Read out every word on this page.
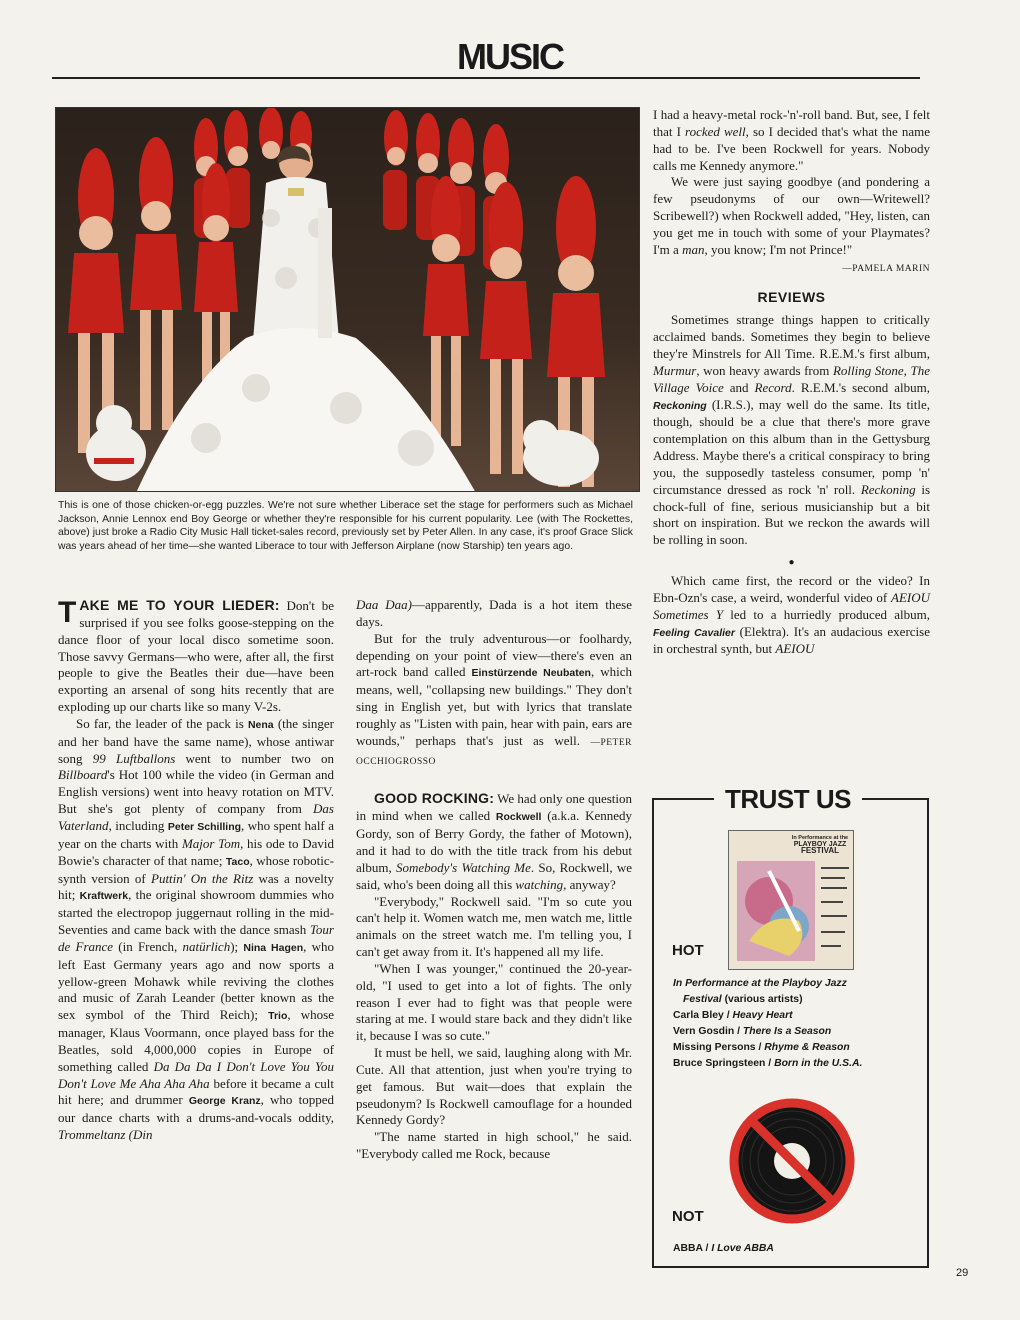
MUSIC

This is one of those chicken-or-egg puzzles. We're not sure whether Liberace set the stage for performers such as Michael Jackson, Annie Lennox end Boy George or whether they're responsible for his current popularity. Lee (with The Rockettes, above) just broke a Radio City Music Hall ticket-sales record, previously set by Peter Allen. In any case, it's proof Grace Slick was years ahead of her time—she wanted Liberace to tour with Jefferson Airplane (now Starship) ten years ago.

TAKE ME TO YOUR LIEDER: Don't be surprised if you see folks goose-stepping on the dance floor of your local disco sometime soon. Those savvy Germans—who were, after all, the first people to give the Beatles their due—have been exporting an arsenal of song hits recently that are exploding up our charts like so many V-2s.

So far, the leader of the pack is Nena (the singer and her band have the same name), whose antiwar song 99 Luftballons went to number two on Billboard's Hot 100 while the video (in German and English versions) went into heavy rotation on MTV. But she's got plenty of company from Das Vaterland, including Peter Schilling, who spent half a year on the charts with Major Tom, his ode to David Bowie's character of that name; Taco, whose robotic-synth version of Puttin' On the Ritz was a novelty hit; Kraftwerk, the original showroom dummies who started the electropop juggernaut rolling in the mid-Seventies and came back with the dance smash Tour de France (in French, natürlich); Nina Hagen, who left East Germany years ago and now sports a yellow-green Mohawk while reviving the clothes and music of Zarah Leander (better known as the sex symbol of the Third Reich); Trio, whose manager, Klaus Voormann, once played bass for the Beatles, sold 4,000,000 copies in Europe of something called Da Da Da I Don't Love You You Don't Love Me Aha Aha Aha before it became a cult hit here; and drummer George Kranz, who topped our dance charts with a drums-and-vocals oddity, Trommeltanz (Din

Daa Daa)—apparently, Dada is a hot item these days.

But for the truly adventurous—or foolhardy, depending on your point of view—there's even an art-rock band called Einstürzende Neubaten, which means, well, "collapsing new buildings." They don't sing in English yet, but with lyrics that translate roughly as "Listen with pain, hear with pain, ears are wounds," perhaps that's just as well. —PETER OCCHIOGROSSO

GOOD ROCKING: We had only one question in mind when we called Rockwell (a.k.a. Kennedy Gordy, son of Berry Gordy, the father of Motown), and it had to do with the title track from his debut album, Somebody's Watching Me. So, Rockwell, we said, who's been doing all this watching, anyway?

"Everybody," Rockwell said. "I'm so cute you can't help it. Women watch me, men watch me, little animals on the street watch me. I'm telling you, I can't get away from it. It's happened all my life.

"When I was younger," continued the 20-year-old, "I used to get into a lot of fights. The only reason I ever had to fight was that people were staring at me. I would stare back and they didn't like it, because I was so cute."

It must be hell, we said, laughing along with Mr. Cute. All that attention, just when you're trying to get famous. But wait—does that explain the pseudonym? Is Rockwell camouflage for a hounded Kennedy Gordy?

"The name started in high school," he said. "Everybody called me Rock, because

I had a heavy-metal rock-'n'-roll band. But, see, I felt that I rocked well, so I decided that's what the name had to be. I've been Rockwell for years. Nobody calls me Kennedy anymore."

We were just saying goodbye (and pondering a few pseudonyms of our own—Writewell? Scribewell?) when Rockwell added, "Hey, listen, can you get me in touch with some of your Playmates? I'm a man, you know; I'm not Prince!"

—PAMELA MARIN

REVIEWS

Sometimes strange things happen to critically acclaimed bands. Sometimes they begin to believe they're Minstrels for All Time. R.E.M.'s first album, Murmur, won heavy awards from Rolling Stone, The Village Voice and Record. R.E.M.'s second album, Reckoning (I.R.S.), may well do the same. Its title, though, should be a clue that there's more grave contemplation on this album than in the Gettysburg Address. Maybe there's a critical conspiracy to bring you, the supposedly tasteless consumer, pomp 'n' circumstance dressed as rock 'n' roll. Reckoning is chock-full of fine, serious musicianship but a bit short on inspiration. But we reckon the awards will be rolling in soon.

●

Which came first, the record or the video? In Ebn-Ozn's case, a weird, wonderful video of AEIOU Sometimes Y led to a hurriedly produced album, Feeling Cavalier (Elektra). It's an audacious exercise in orchestral synth, but AEIOU

TRUST US
In Performance at the
PLAYBOY JAZZ
FESTIVAL
HOT
In Performance at the Playboy Jazz
Festival (various artists)
Carla Bley / Heavy Heart
Vern Gosdin / There Is a Season
Missing Persons / Rhyme & Reason
Bruce Springsteen / Born in the U.S.A.
NOT
ABBA / I Love ABBA
29
